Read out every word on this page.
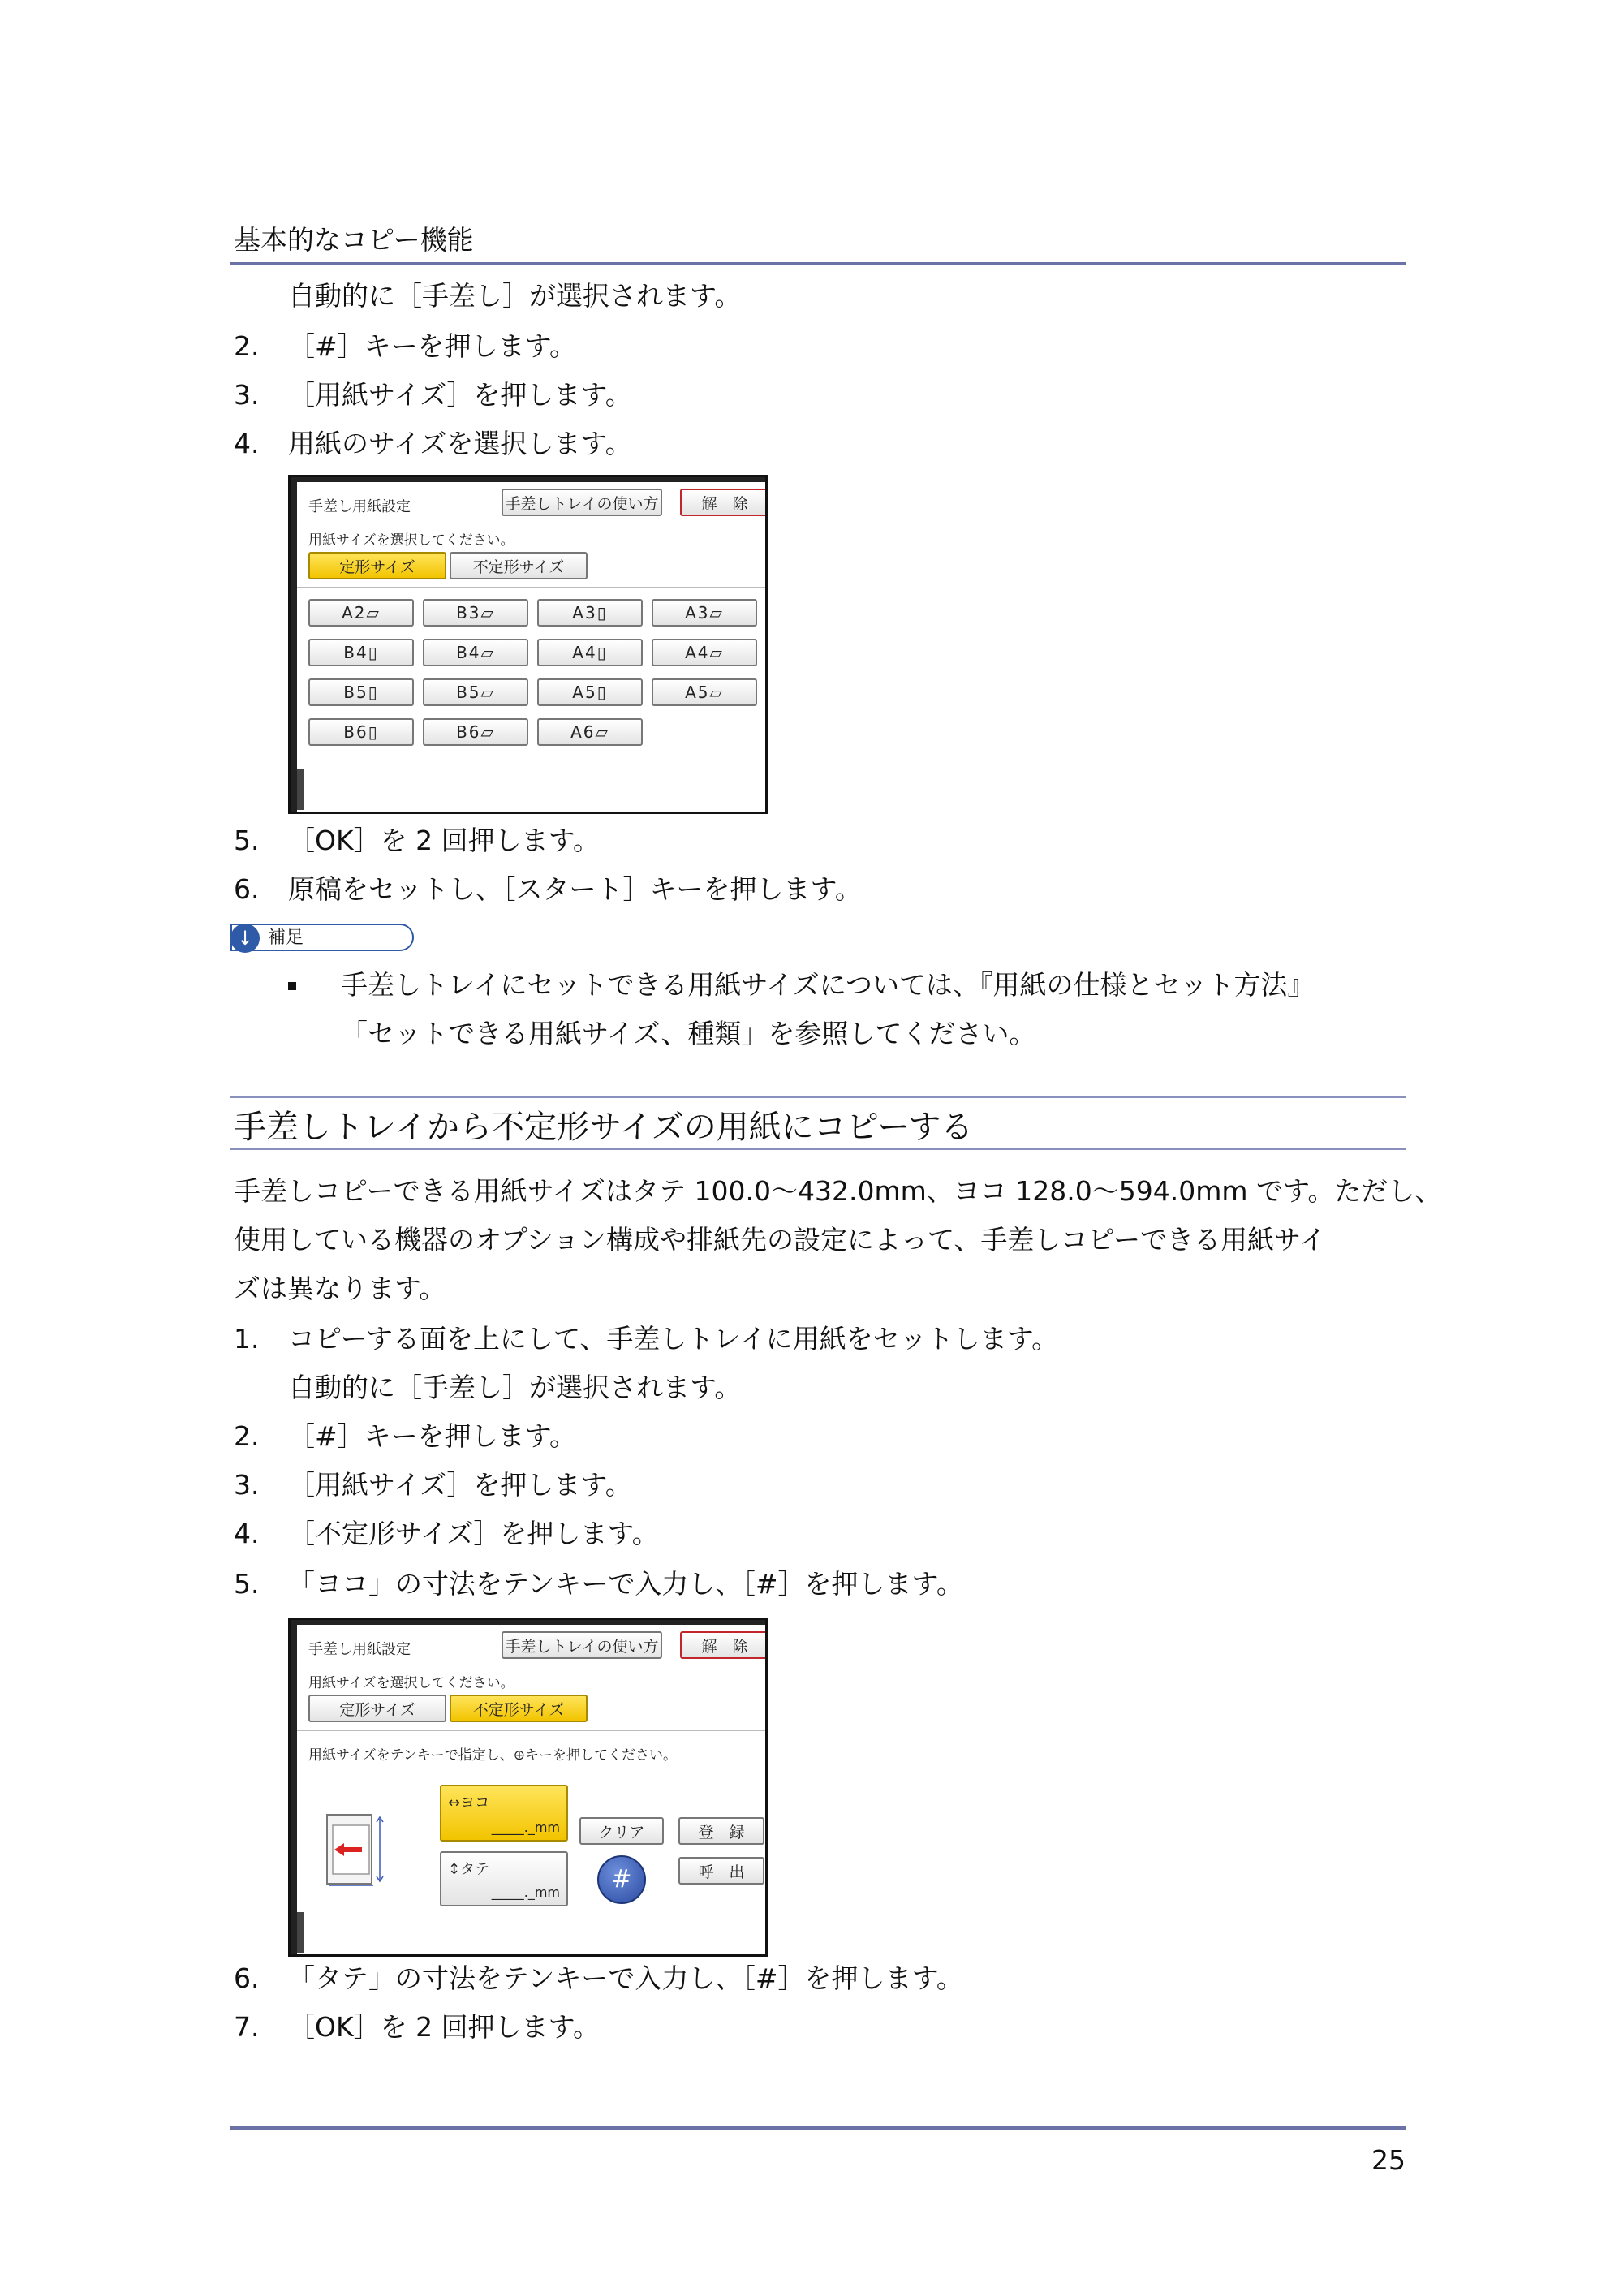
基本的なコピー機能
自動的に［手差し］が選択されます。
2. ［#］キーを押します。
3. ［用紙サイズ］を押します。
4. 用紙のサイズを選択します。
手差し用紙設定	手差しトレイの使い方	解　除
用紙サイズを選択してください。
定形サイズ	不定形サイズ
A2▱	B3▱	A3▯	A3▱
B4▯	B4▱	A4▯	A4▱
B5▯	B5▱	A5▯	A5▱
B6▯	B6▱	A6▱
5. ［OK］を 2 回押します。
6. 原稿をセットし、［スタート］キーを押します。
↓ 補足
手差しトレイにセットできる用紙サイズについては、『用紙の仕様とセット方法』
「セットできる用紙サイズ、種類」を参照してください。
手差しトレイから不定形サイズの用紙にコピーする
手差しコピーできる用紙サイズはタテ 100.0～432.0mm、ヨコ 128.0～594.0mm です。ただし、
使用している機器のオプション構成や排紙先の設定によって、手差しコピーできる用紙サイ
ズは異なります。
1. コピーする面を上にして、手差しトレイに用紙をセットします。
自動的に［手差し］が選択されます。
2. ［#］キーを押します。
3. ［用紙サイズ］を押します。
4. ［不定形サイズ］を押します。
5. 「ヨコ」の寸法をテンキーで入力し、［#］を押します。
手差し用紙設定	手差しトレイの使い方	解　除
用紙サイズを選択してください。
定形サイズ	不定形サイズ
用紙サイズをテンキーで指定し、⊕キーを押してください。
↔ヨコ
_____._mm
↕タテ
_____._mm
クリア	登　録
呼　出
#
6. 「タテ」の寸法をテンキーで入力し、［#］を押します。
7. ［OK］を 2 回押します。
25
